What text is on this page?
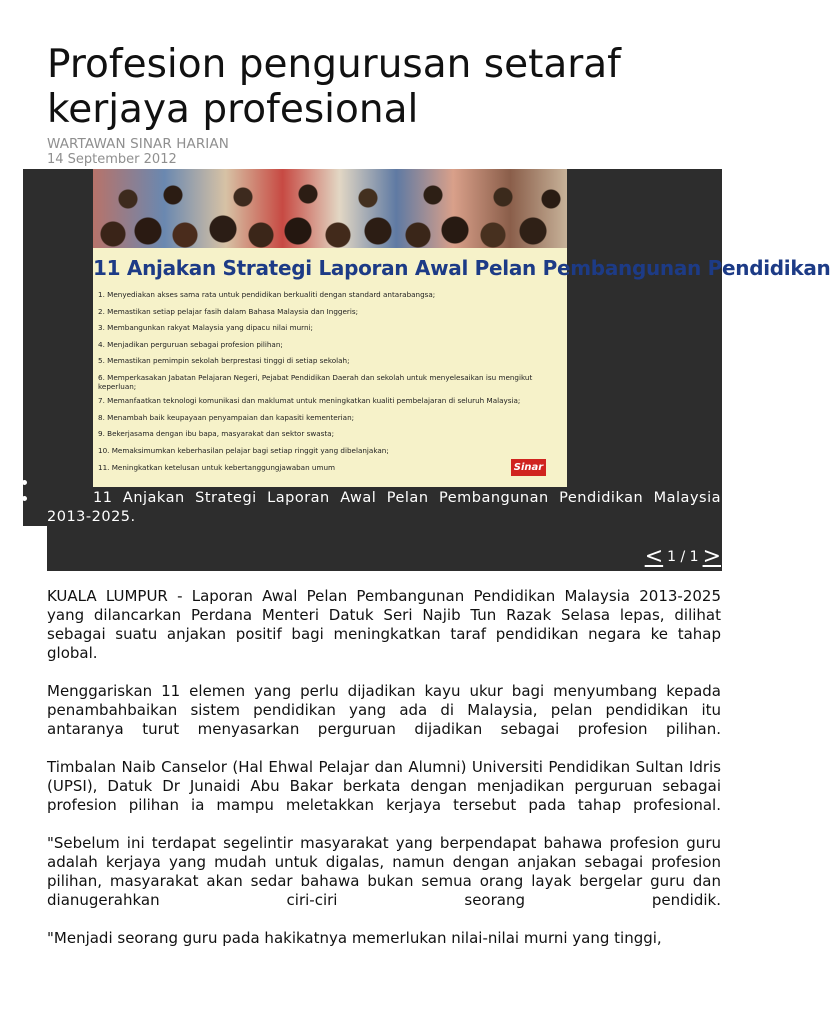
Profesion pengurusan setaraf kerjaya profesional
WARTAWAN SINAR HARIAN
14 September 2012
11 Anjakan Strategi Laporan Awal Pelan Pembangunan Pendidikan
1. Menyediakan akses sama rata untuk pendidikan berkualiti dengan standard antarabangsa;
2. Memastikan setiap pelajar fasih dalam Bahasa Malaysia dan Inggeris;
3. Membangunkan rakyat Malaysia yang dipacu nilai murni;
4. Menjadikan perguruan sebagai profesion pilihan;
5. Memastikan pemimpin sekolah berprestasi tinggi di setiap sekolah;
6. Memperkasakan Jabatan Pelajaran Negeri, Pejabat Pendidikan Daerah dan sekolah untuk menyelesaikan isu mengikut keperluan;
7. Memanfaatkan teknologi komunikasi dan maklumat untuk meningkatkan kualiti pembelajaran di seluruh Malaysia;
8. Menambah baik keupayaan penyampaian dan kapasiti kementerian;
9. Bekerjasama dengan ibu bapa, masyarakat dan sektor swasta;
10. Memaksimumkan keberhasilan pelajar bagi setiap ringgit yang dibelanjakan;
11. Meningkatkan ketelusan untuk kebertanggungjawaban umum	Sinar
11 Anjakan Strategi Laporan Awal Pelan Pembangunan Pendidikan Malaysia 2013-2025.
< 1 / 1 >

KUALA LUMPUR - Laporan Awal Pelan Pembangunan Pendidikan Malaysia 2013-2025 yang dilancarkan Perdana Menteri Datuk Seri Najib Tun Razak Selasa lepas, dilihat sebagai suatu anjakan positif bagi meningkatkan taraf pendidikan negara ke tahap global.

Menggariskan 11 elemen yang perlu dijadikan kayu ukur bagi menyumbang kepada penambahbaikan sistem pendidikan yang ada di Malaysia, pelan pendidikan itu antaranya turut menyasarkan perguruan dijadikan sebagai profesion pilihan.

Timbalan Naib Canselor (Hal Ehwal Pelajar dan Alumni) Universiti Pendidikan Sultan Idris (UPSI), Datuk Dr Junaidi Abu Bakar berkata dengan menjadikan perguruan sebagai profesion pilihan ia mampu meletakkan kerjaya tersebut pada tahap profesional.

"Sebelum ini terdapat segelintir masyarakat yang berpendapat bahawa profesion guru adalah kerjaya yang mudah untuk digalas, namun dengan anjakan sebagai profesion pilihan, masyarakat akan sedar bahawa bukan semua orang layak bergelar guru dan dianugerahkan ciri-ciri seorang pendidik.

"Menjadi seorang guru pada hakikatnya memerlukan nilai-nilai murni yang tinggi,
